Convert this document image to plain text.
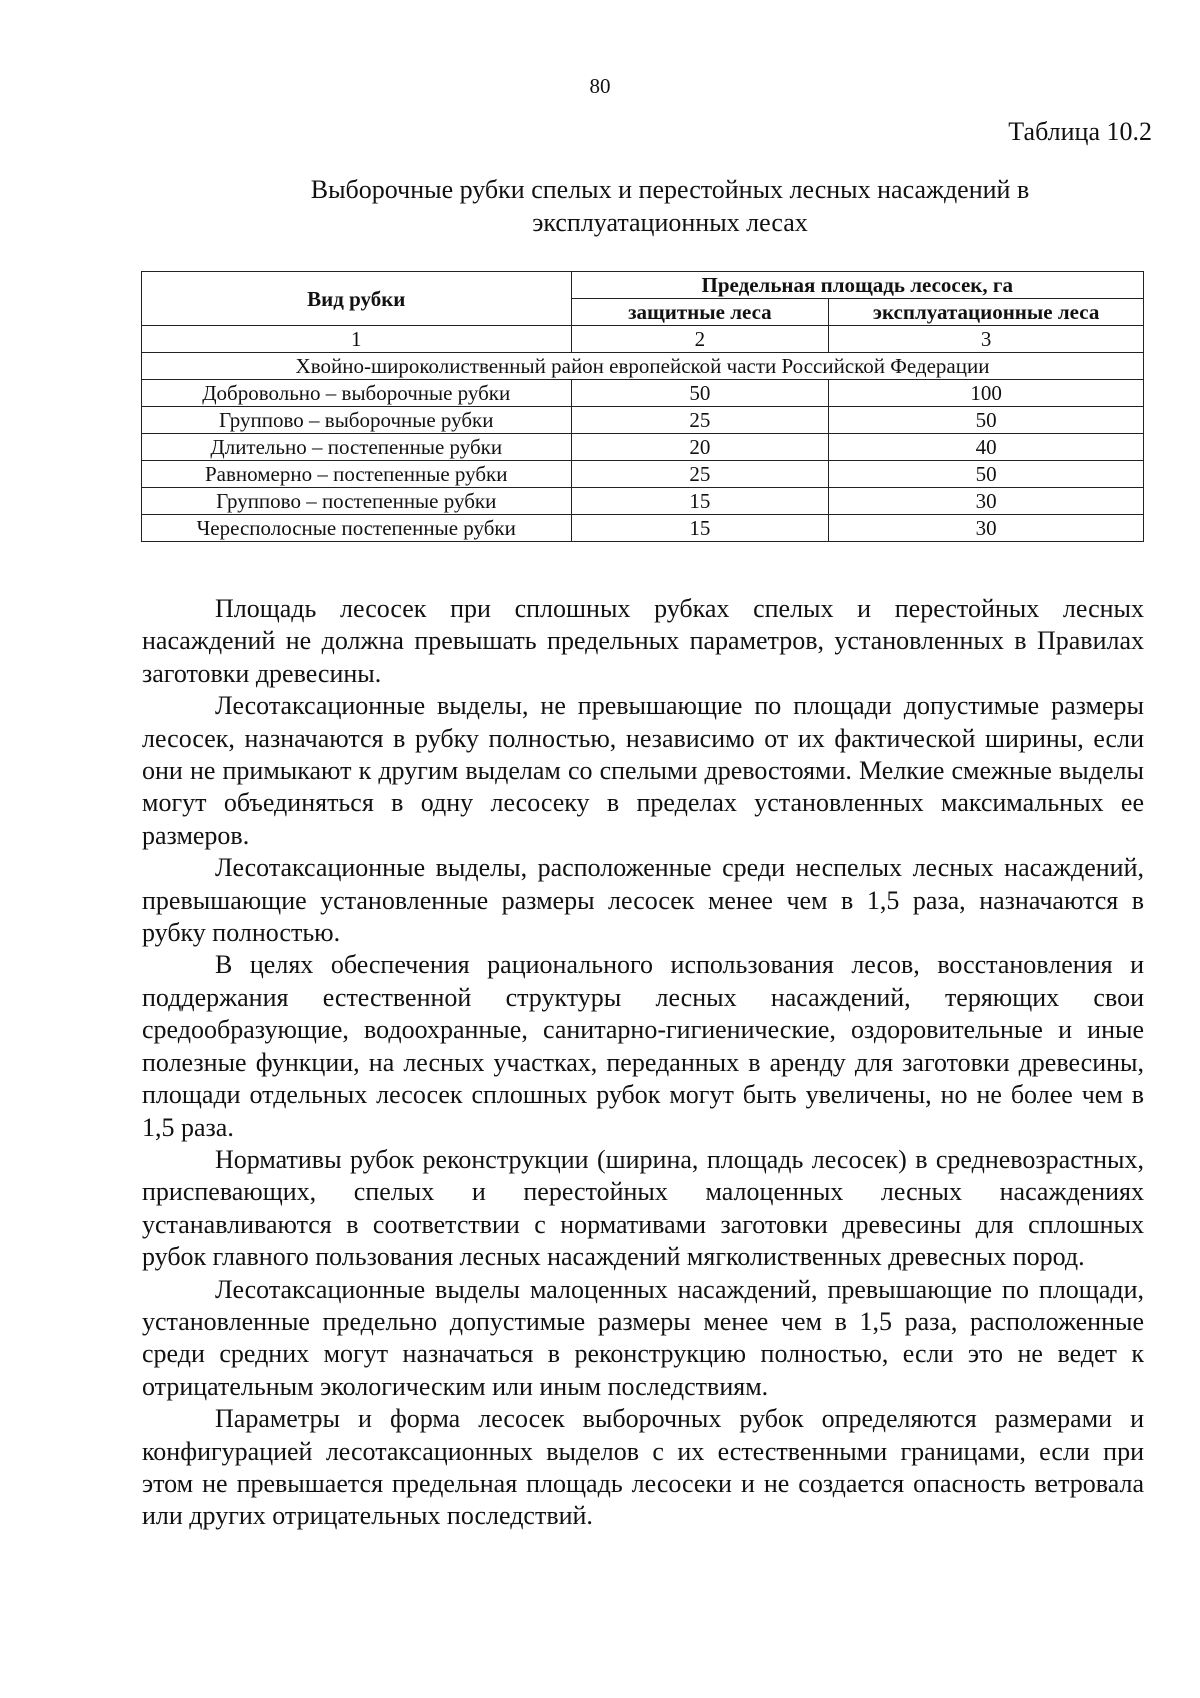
80
Таблица 10.2
Выборочные рубки спелых и перестойных лесных насаждений в эксплуатационных лесах
Вид рубки	Предельная площадь лесосек, га	
	защитные леса	эксплуатационные леса
1	2	3
Хвойно-широколиственный район европейской части Российской Федерации		
Добровольно – выборочные рубки	50	100
Группово – выборочные рубки	25	50
Длительно – постепенные рубки	20	40
Равномерно – постепенные рубки	25	50
Группово – постепенные рубки	15	30
Чересполосные постепенные рубки	15	30

Площадь лесосек при сплошных рубках спелых и перестойных лесных насаждений не должна превышать предельных параметров, установленных в Правилах заготовки древесины.

Лесотаксационные выделы, не превышающие по площади допустимые размеры лесосек, назначаются в рубку полностью, независимо от их фактической ширины, если они не примыкают к другим выделам со спелыми древостоями. Мелкие смежные выделы могут объединяться в одну лесосеку в пределах установленных максимальных ее размеров.

Лесотаксационные выделы, расположенные среди неспелых лесных насаждений, превышающие установленные размеры лесосек менее чем в 1,5 раза, назначаются в рубку полностью.

В целях обеспечения рационального использования лесов, восстановления и поддержания естественной структуры лесных насаждений, теряющих свои средообразующие, водоохранные, санитарно-гигиенические, оздоровительные и иные полезные функции, на лесных участках, переданных в аренду для заготовки древесины, площади отдельных лесосек сплошных рубок могут быть увеличены, но не более чем в 1,5 раза.

Нормативы рубок реконструкции (ширина, площадь лесосек) в средневозрастных, приспевающих, спелых и перестойных малоценных лесных насаждениях устанавливаются в соответствии с нормативами заготовки древесины для сплошных рубок главного пользования лесных насаждений мягколиственных древесных пород.

Лесотаксационные выделы малоценных насаждений, превышающие по площади, установленные предельно допустимые размеры менее чем в 1,5 раза, расположенные среди средних могут назначаться в реконструкцию полностью, если это не ведет к отрицательным экологическим или иным последствиям.

Параметры и форма лесосек выборочных рубок определяются размерами и конфигурацией лесотаксационных выделов с их естественными границами, если при этом не превышается предельная площадь лесосеки и не создается опасность ветровала или других отрицательных последствий.
